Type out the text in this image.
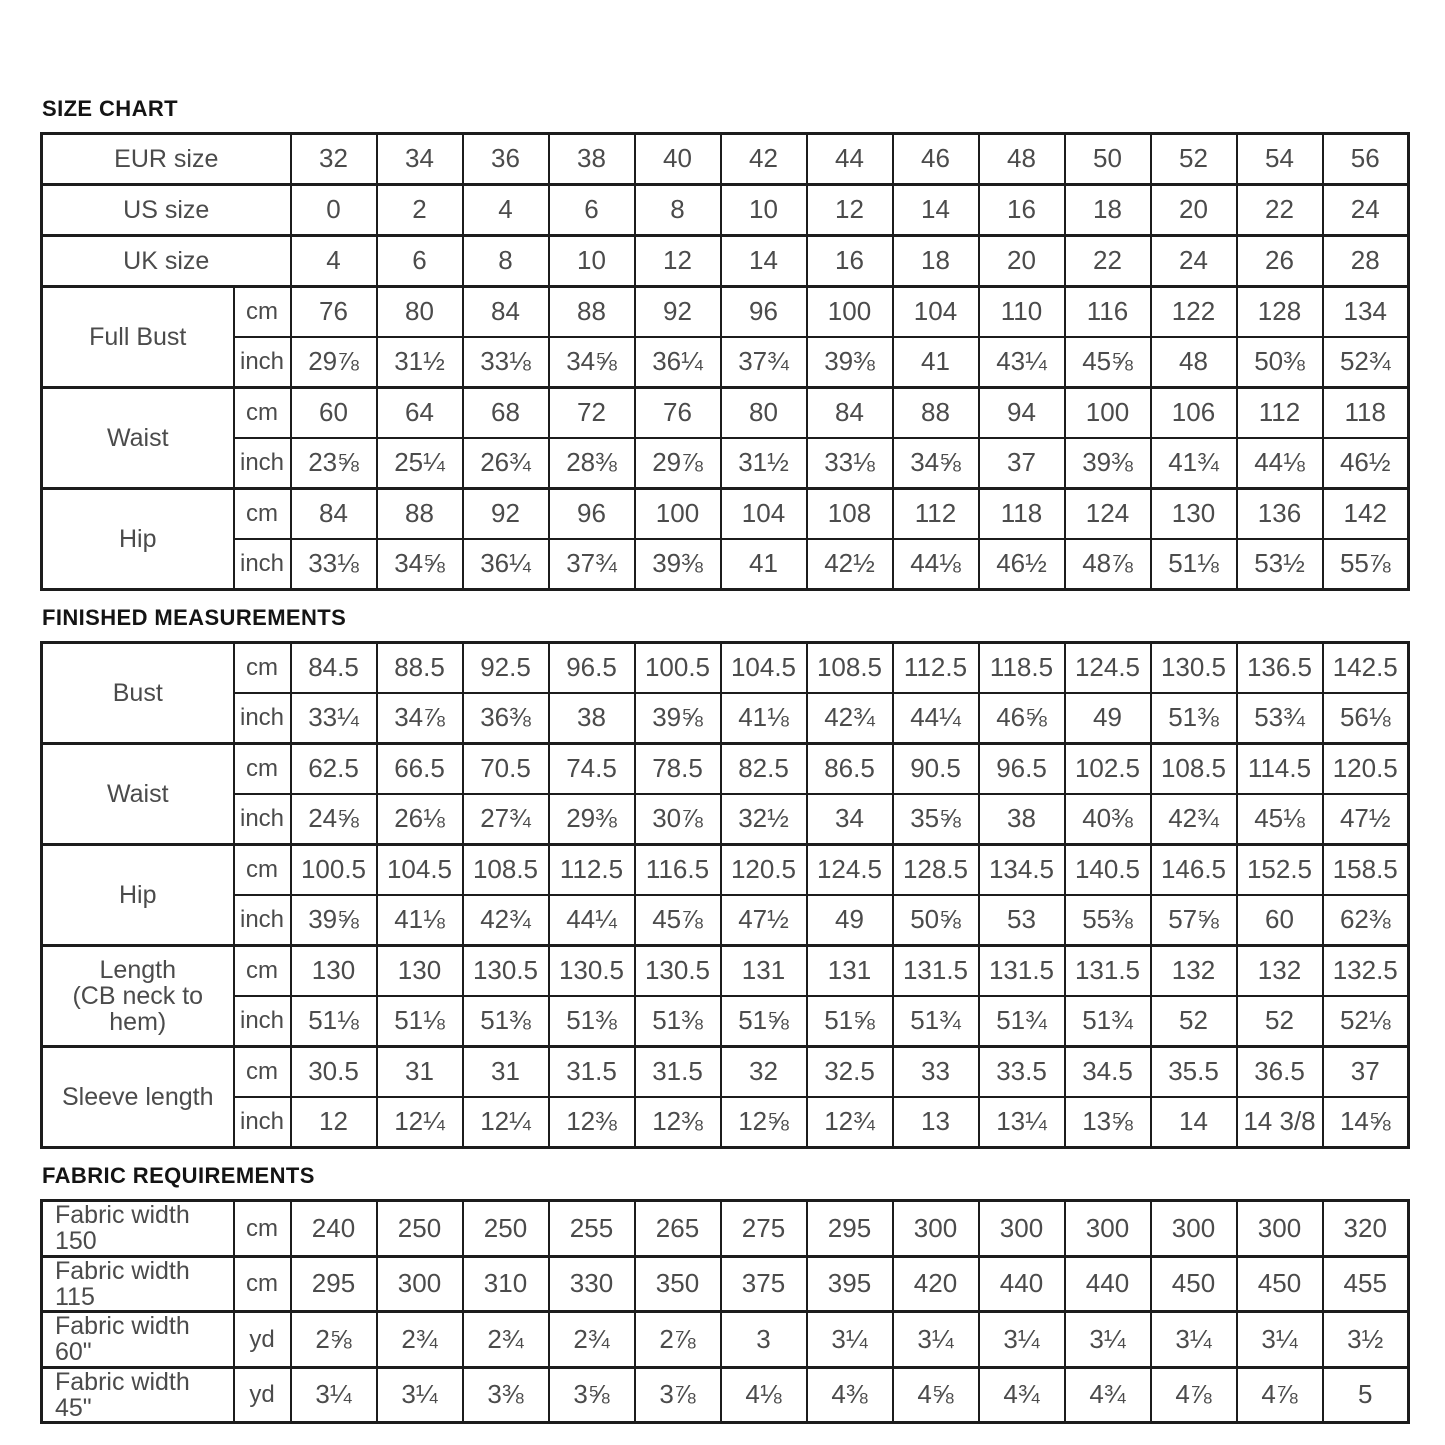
SIZE CHART
EUR size		32	34	36	38	40	42	44	46	48	50	52	54	56
US size		0	2	4	6	8	10	12	14	16	18	20	22	24
UK size		4	6	8	10	12	14	16	18	20	22	24	26	28

Full Bust	cm	76	80	84	88	92	96	100	104	110	116	122	128	134
	inch	29⅞	31½	33⅛	34⅝	36¼	37¾	39⅜	41	43¼	45⅝	48	50⅜	52¾

Waist	cm	60	64	68	72	76	80	84	88	94	100	106	112	118
	inch	23⅝	25¼	26¾	28⅜	29⅞	31½	33⅛	34⅝	37	39⅜	41¾	44⅛	46½

Hip	cm	84	88	92	96	100	104	108	112	118	124	130	136	142
	inch	33⅛	34⅝	36¼	37¾	39⅜	41	42½	44⅛	46½	48⅞	51⅛	53½	55⅞
FINISHED MEASUREMENTS
Bust	cm	84.5	88.5	92.5	96.5	100.5	104.5	108.5	112.5	118.5	124.5	130.5	136.5	142.5
	inch	33¼	34⅞	36⅜	38	39⅝	41⅛	42¾	44¼	46⅝	49	51⅜	53¾	56⅛

Waist	cm	62.5	66.5	70.5	74.5	78.5	82.5	86.5	90.5	96.5	102.5	108.5	114.5	120.5
	inch	24⅝	26⅛	27¾	29⅜	30⅞	32½	34	35⅝	38	40⅜	42¾	45⅛	47½

Hip	cm	100.5	104.5	108.5	112.5	116.5	120.5	124.5	128.5	134.5	140.5	146.5	152.5	158.5
	inch	39⅝	41⅛	42¾	44¼	45⅞	47½	49	50⅝	53	55⅜	57⅝	60	62⅜

Length
(CB neck to hem)	cm	130	130	130.5	130.5	130.5	131	131	131.5	131.5	131.5	132	132	132.5
	inch	51⅛	51⅛	51⅜	51⅜	51⅜	51⅝	51⅝	51¾	51¾	51¾	52	52	52⅛

Sleeve length	cm	30.5	31	31	31.5	31.5	32	32.5	33	33.5	34.5	35.5	36.5	37
	inch	12	12¼	12¼	12⅜	12⅜	12⅝	12¾	13	13¼	13⅝	14	14 3/8	14⅝
FABRIC REQUIREMENTS
Fabric width 150	cm	240	250	250	255	265	275	295	300	300	300	300	300	320
Fabric width 115	cm	295	300	310	330	350	375	395	420	440	440	450	450	455
Fabric width 60"	yd	2⅝	2¾	2¾	2¾	2⅞	3	3¼	3¼	3¼	3¼	3¼	3¼	3½
Fabric width 45"	yd	3¼	3¼	3⅜	3⅝	3⅞	4⅛	4⅜	4⅝	4¾	4¾	4⅞	4⅞	5
